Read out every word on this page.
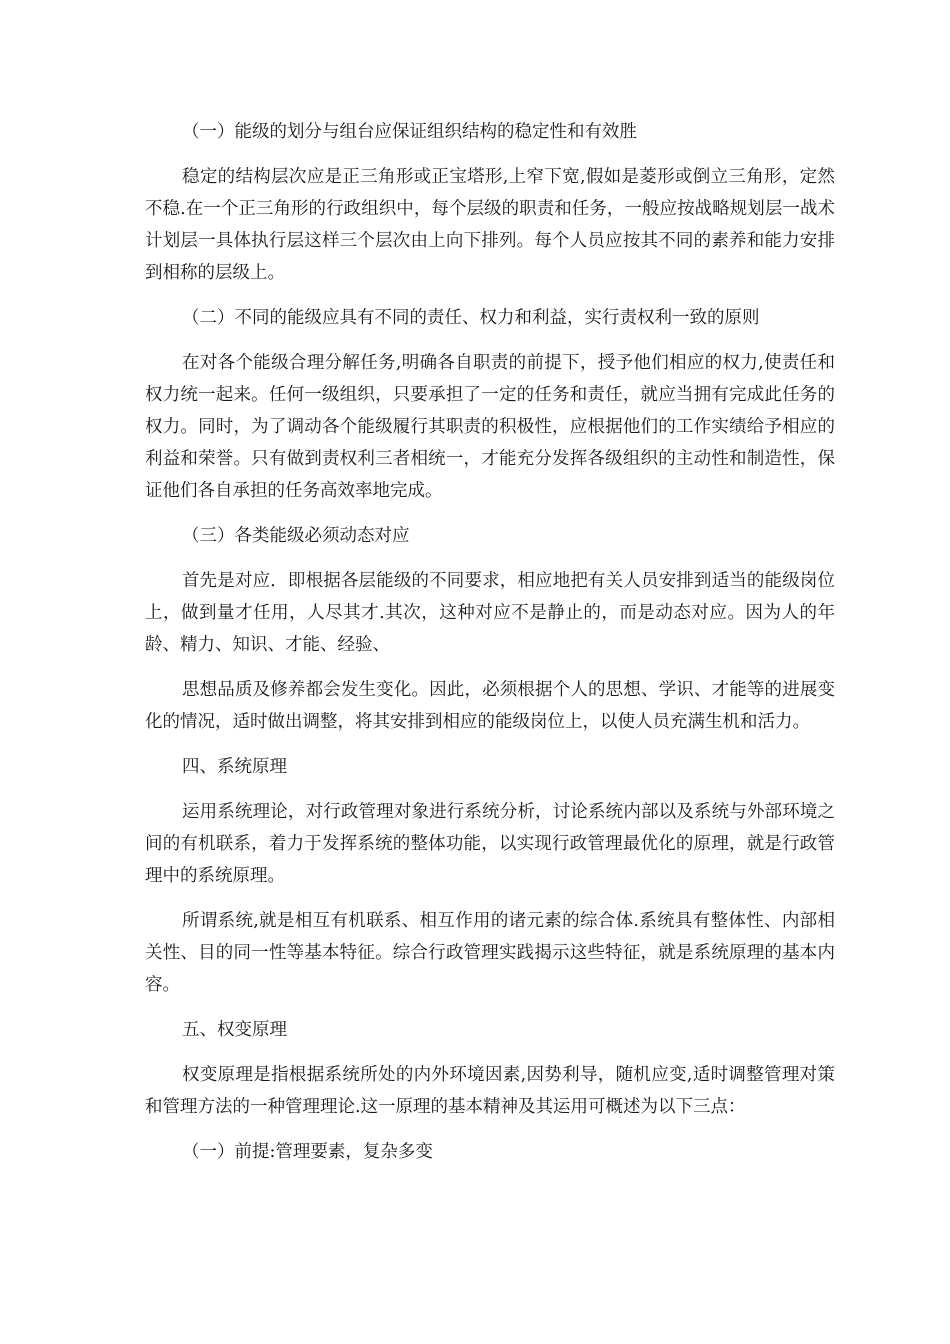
（一）能级的划分与组台应保证组织结构的稳定性和有效胜

稳定的结构层次应是正三角形或正宝塔形,上窄下宽,假如是菱形或倒立三角形，定然不稳.在一个正三角形的行政组织中，每个层级的职责和任务，一般应按战略规划层一战术计划层一具体执行层这样三个层次由上向下排列。每个人员应按其不同的素养和能力安排到相称的层级上。

（二）不同的能级应具有不同的责任、权力和利益，实行责权利一致的原则

在对各个能级合理分解任务,明确各自职责的前提下，授予他们相应的权力,使责任和权力统一起来。任何一级组织，只要承担了一定的任务和责任，就应当拥有完成此任务的权力。同时，为了调动各个能级履行其职责的积极性，应根据他们的工作实绩给予相应的利益和荣誉。只有做到责权利三者相统一，才能充分发挥各级组织的主动性和制造性，保证他们各自承担的任务高效率地完成。

（三）各类能级必须动态对应

首先是对应．即根据各层能级的不同要求，相应地把有关人员安排到适当的能级岗位上，做到量才任用，人尽其才.其次，这种对应不是静止的，而是动态对应。因为人的年龄、精力、知识、才能、经验、

思想品质及修养都会发生变化。因此，必须根据个人的思想、学识、才能等的进展变化的情况，适时做出调整，将其安排到相应的能级岗位上，以使人员充满生机和活力。

四、系统原理

运用系统理论，对行政管理对象进行系统分析，讨论系统内部以及系统与外部环境之间的有机联系，着力于发挥系统的整体功能，以实现行政管理最优化的原理，就是行政管理中的系统原理。

所谓系统,就是相互有机联系、相互作用的诸元素的综合体.系统具有整体性、内部相关性、目的同一性等基本特征。综合行政管理实践揭示这些特征，就是系统原理的基本内容。

五、权变原理

权变原理是指根据系统所处的内外环境因素,因势利导，随机应变,适时调整管理对策和管理方法的一种管理理论.这一原理的基本精神及其运用可概述为以下三点：

（一）前提:管理要素，复杂多变
